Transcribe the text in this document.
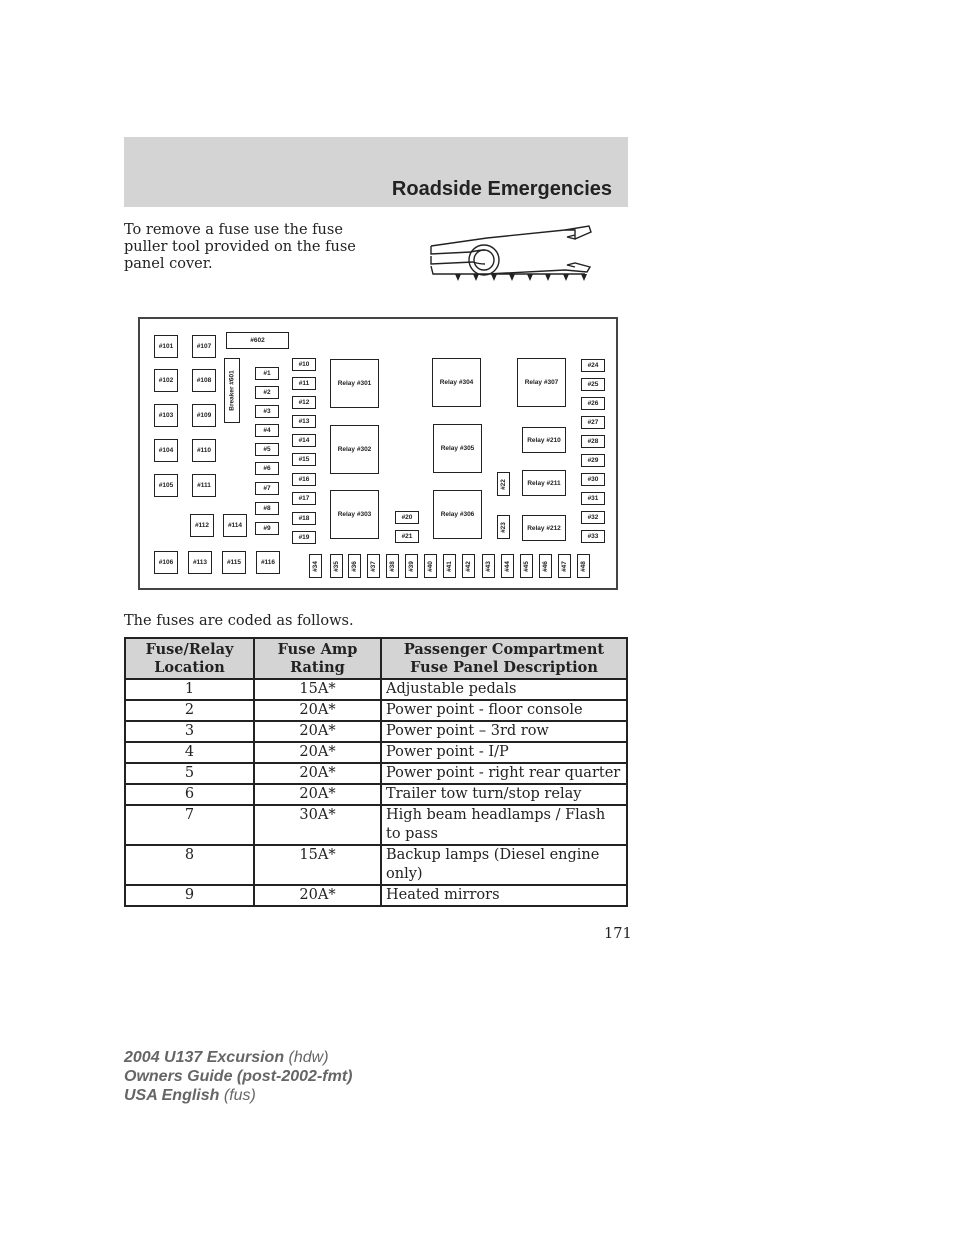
Roadside Emergencies
To remove a fuse use the fuse puller tool provided on the fuse panel cover.
#101
#102
#103
#104
#105
#106
#107
#108
#109
#110
#111
#112
#113
#114
#115	#116
#602
Breaker #601	#1
#2
#3
#4
#5
#6
#7
#8
#9
#10
#11
#12
#13
#14
#15
#16
#17
#18
#19
Relay #301
Relay #302
Relay #303	#20
#21
Relay #304
Relay #305
Relay #306
#22
#23
Relay #307
Relay #210
Relay #211
Relay #212
#24
#25
#26
#27
#28
#29
#30
#31
#32
#33
#34 #35 #36 #37 #38 #39 #40 #41 #42 #43 #44 #45 #46 #47 #48
The fuses are coded as follows.
Fuse/Relay Location	Fuse Amp Rating	Passenger Compartment Fuse Panel Description
1	15A*	Adjustable pedals
2	20A*	Power point - floor console
3	20A*	Power point – 3rd row
4	20A*	Power point - I/P
5	20A*	Power point - right rear quarter
6	20A*	Trailer tow turn/stop relay
7	30A*	High beam headlamps / Flash to pass
8	15A*	Backup lamps (Diesel engine only)
9	20A*	Heated mirrors
171
2004 U137 Excursion (hdw)
Owners Guide (post-2002-fmt)
USA English (fus)
